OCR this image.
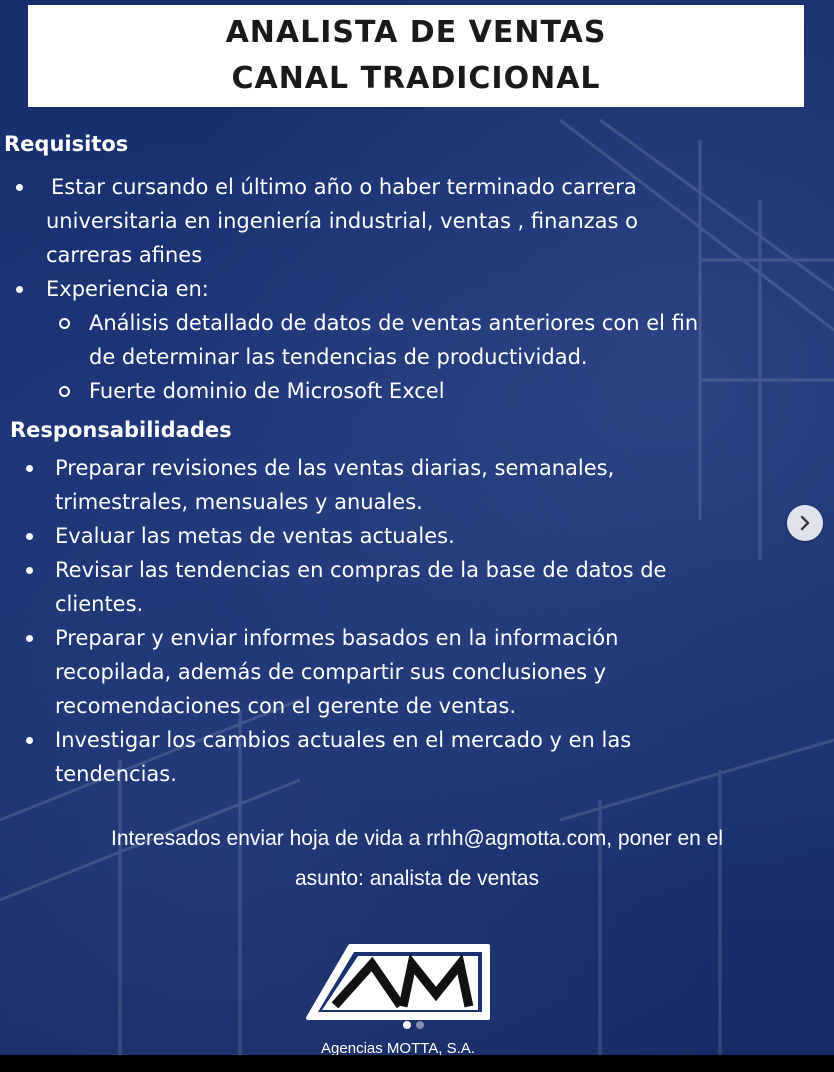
ANALISTA DE VENTAS
CANAL TRADICIONAL
Requisitos
Estar cursando el último año o haber terminado carrera
universitaria en ingeniería industrial, ventas , finanzas o
carreras afines
Experiencia en:
Análisis detallado de datos de ventas anteriores con el fin
de determinar las tendencias de productividad.
Fuerte dominio de Microsoft Excel
Responsabilidades
Preparar revisiones de las ventas diarias, semanales,
trimestrales, mensuales y anuales.
Evaluar las metas de ventas actuales.
Revisar las tendencias en compras de la base de datos de
clientes.
Preparar y enviar informes basados en la información
recopilada, además de compartir sus conclusiones y
recomendaciones con el gerente de ventas.
Investigar los cambios actuales en el mercado y en las
tendencias.
Interesados enviar hoja de vida a rrhh@agmotta.com, poner en el
asunto: analista de ventas
Agencias MOTTA, S.A.
